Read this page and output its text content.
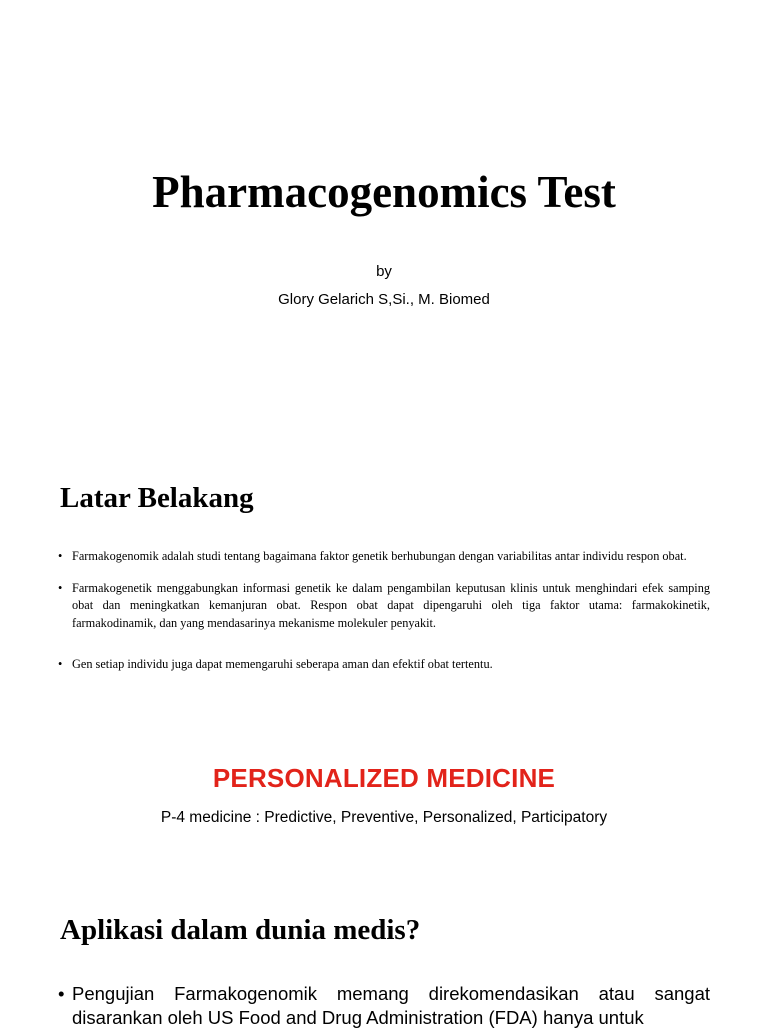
Pharmacogenomics Test
by
Glory Gelarich S,Si., M. Biomed
Latar Belakang
• Farmakogenomik adalah studi tentang bagaimana faktor genetik berhubungan dengan variabilitas antar individu respon obat.
• Farmakogenetik menggabungkan informasi genetik ke dalam pengambilan keputusan klinis untuk menghindari efek samping obat dan meningkatkan kemanjuran obat. Respon obat dapat dipengaruhi oleh tiga faktor utama: farmakokinetik, farmakodinamik, dan yang mendasarinya mekanisme molekuler penyakit.
• Gen setiap individu juga dapat memengaruhi seberapa aman dan efektif obat tertentu.
PERSONALIZED MEDICINE
P-4 medicine : Predictive, Preventive, Personalized, Participatory
Aplikasi dalam dunia medis?
• Pengujian Farmakogenomik memang direkomendasikan atau sangat disarankan oleh US Food and Drug Administration (FDA) hanya untuk
